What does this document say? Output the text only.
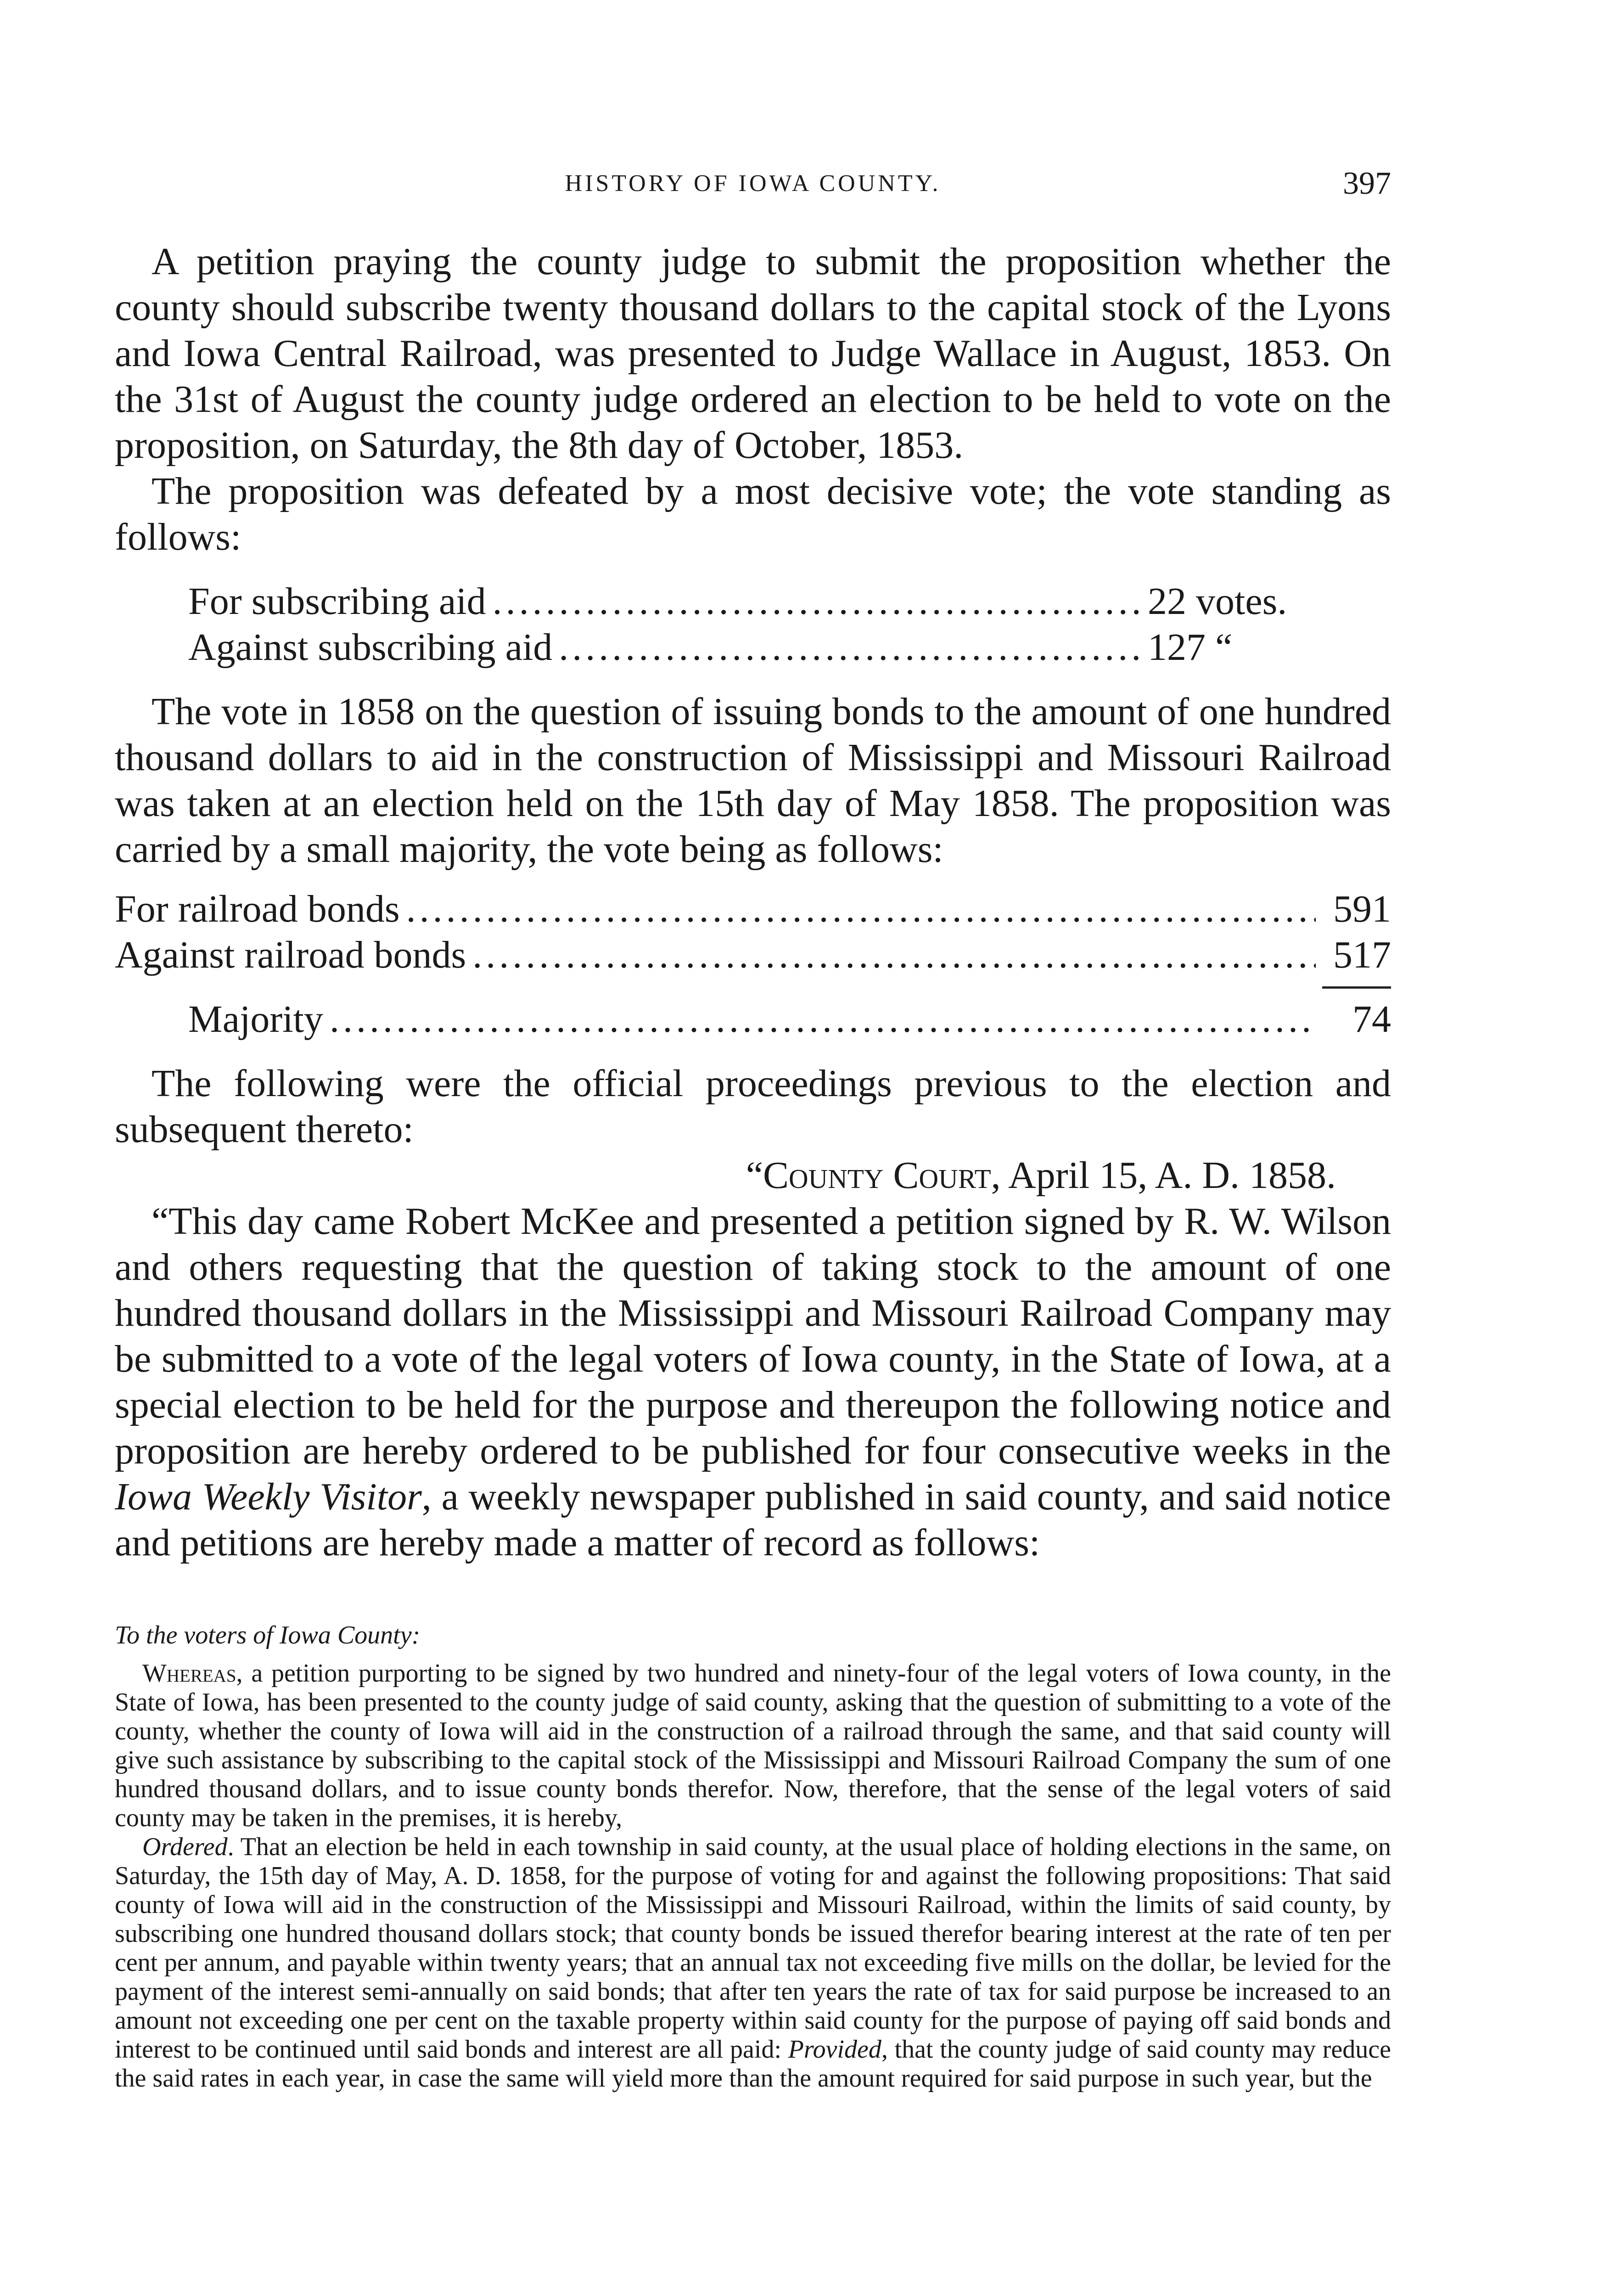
HISTORY OF IOWA COUNTY.	397

A petition praying the county judge to submit the proposition whether the county should subscribe twenty thousand dollars to the capital stock of the Lyons and Iowa Central Railroad, was presented to Judge Wallace in August, 1853. On the 31st of August the county judge ordered an election to be held to vote on the proposition, on Saturday, the 8th day of October, 1853.

The proposition was defeated by a most decisive vote; the vote standing as follows:

For subscribing aid .....	22 votes.
Against subscribing aid .....	127 “

The vote in 1858 on the question of issuing bonds to the amount of one hundred thousand dollars to aid in the construction of Mississippi and Missouri Railroad was taken at an election held on the 15th day of May 1858. The proposition was carried by a small majority, the vote being as follows:

For railroad bonds .....	591
Against railroad bonds .....	517
Majority .....	74

The following were the official proceedings previous to the election and subsequent thereto:

“County Court, April 15, A. D. 1858.

“This day came Robert McKee and presented a petition signed by R. W. Wilson and others requesting that the question of taking stock to the amount of one hundred thousand dollars in the Mississippi and Missouri Railroad Company may be submitted to a vote of the legal voters of Iowa county, in the State of Iowa, at a special election to be held for the purpose and thereupon the following notice and proposition are hereby ordered to be published for four consecutive weeks in the Iowa Weekly Visitor, a weekly newspaper published in said county, and said notice and petitions are hereby made a matter of record as follows:

To the voters of Iowa County:

Whereas, a petition purporting to be signed by two hundred and ninety-four of the legal voters of Iowa county, in the State of Iowa, has been presented to the county judge of said county, asking that the question of submitting to a vote of the county, whether the county of Iowa will aid in the construction of a railroad through the same, and that said county will give such assistance by subscribing to the capital stock of the Mississippi and Missouri Railroad Company the sum of one hundred thousand dollars, and to issue county bonds therefor. Now, therefore, that the sense of the legal voters of said county may be taken in the premises, it is hereby,

Ordered. That an election be held in each township in said county, at the usual place of holding elections in the same, on Saturday, the 15th day of May, A. D. 1858, for the purpose of voting for and against the following propositions: That said county of Iowa will aid in the construction of the Mississippi and Missouri Railroad, within the limits of said county, by subscribing one hundred thousand dollars stock; that county bonds be issued therefor bearing interest at the rate of ten per cent per annum, and payable within twenty years; that an annual tax not exceeding five mills on the dollar, be levied for the payment of the interest semi-annually on said bonds; that after ten years the rate of tax for said purpose be increased to an amount not exceeding one per cent on the taxable property within said county for the purpose of paying off said bonds and interest to be continued until said bonds and interest are all paid: Provided, that the county judge of said county may reduce the said rates in each year, in case the same will yield more than the amount required for said purpose in such year, but the
